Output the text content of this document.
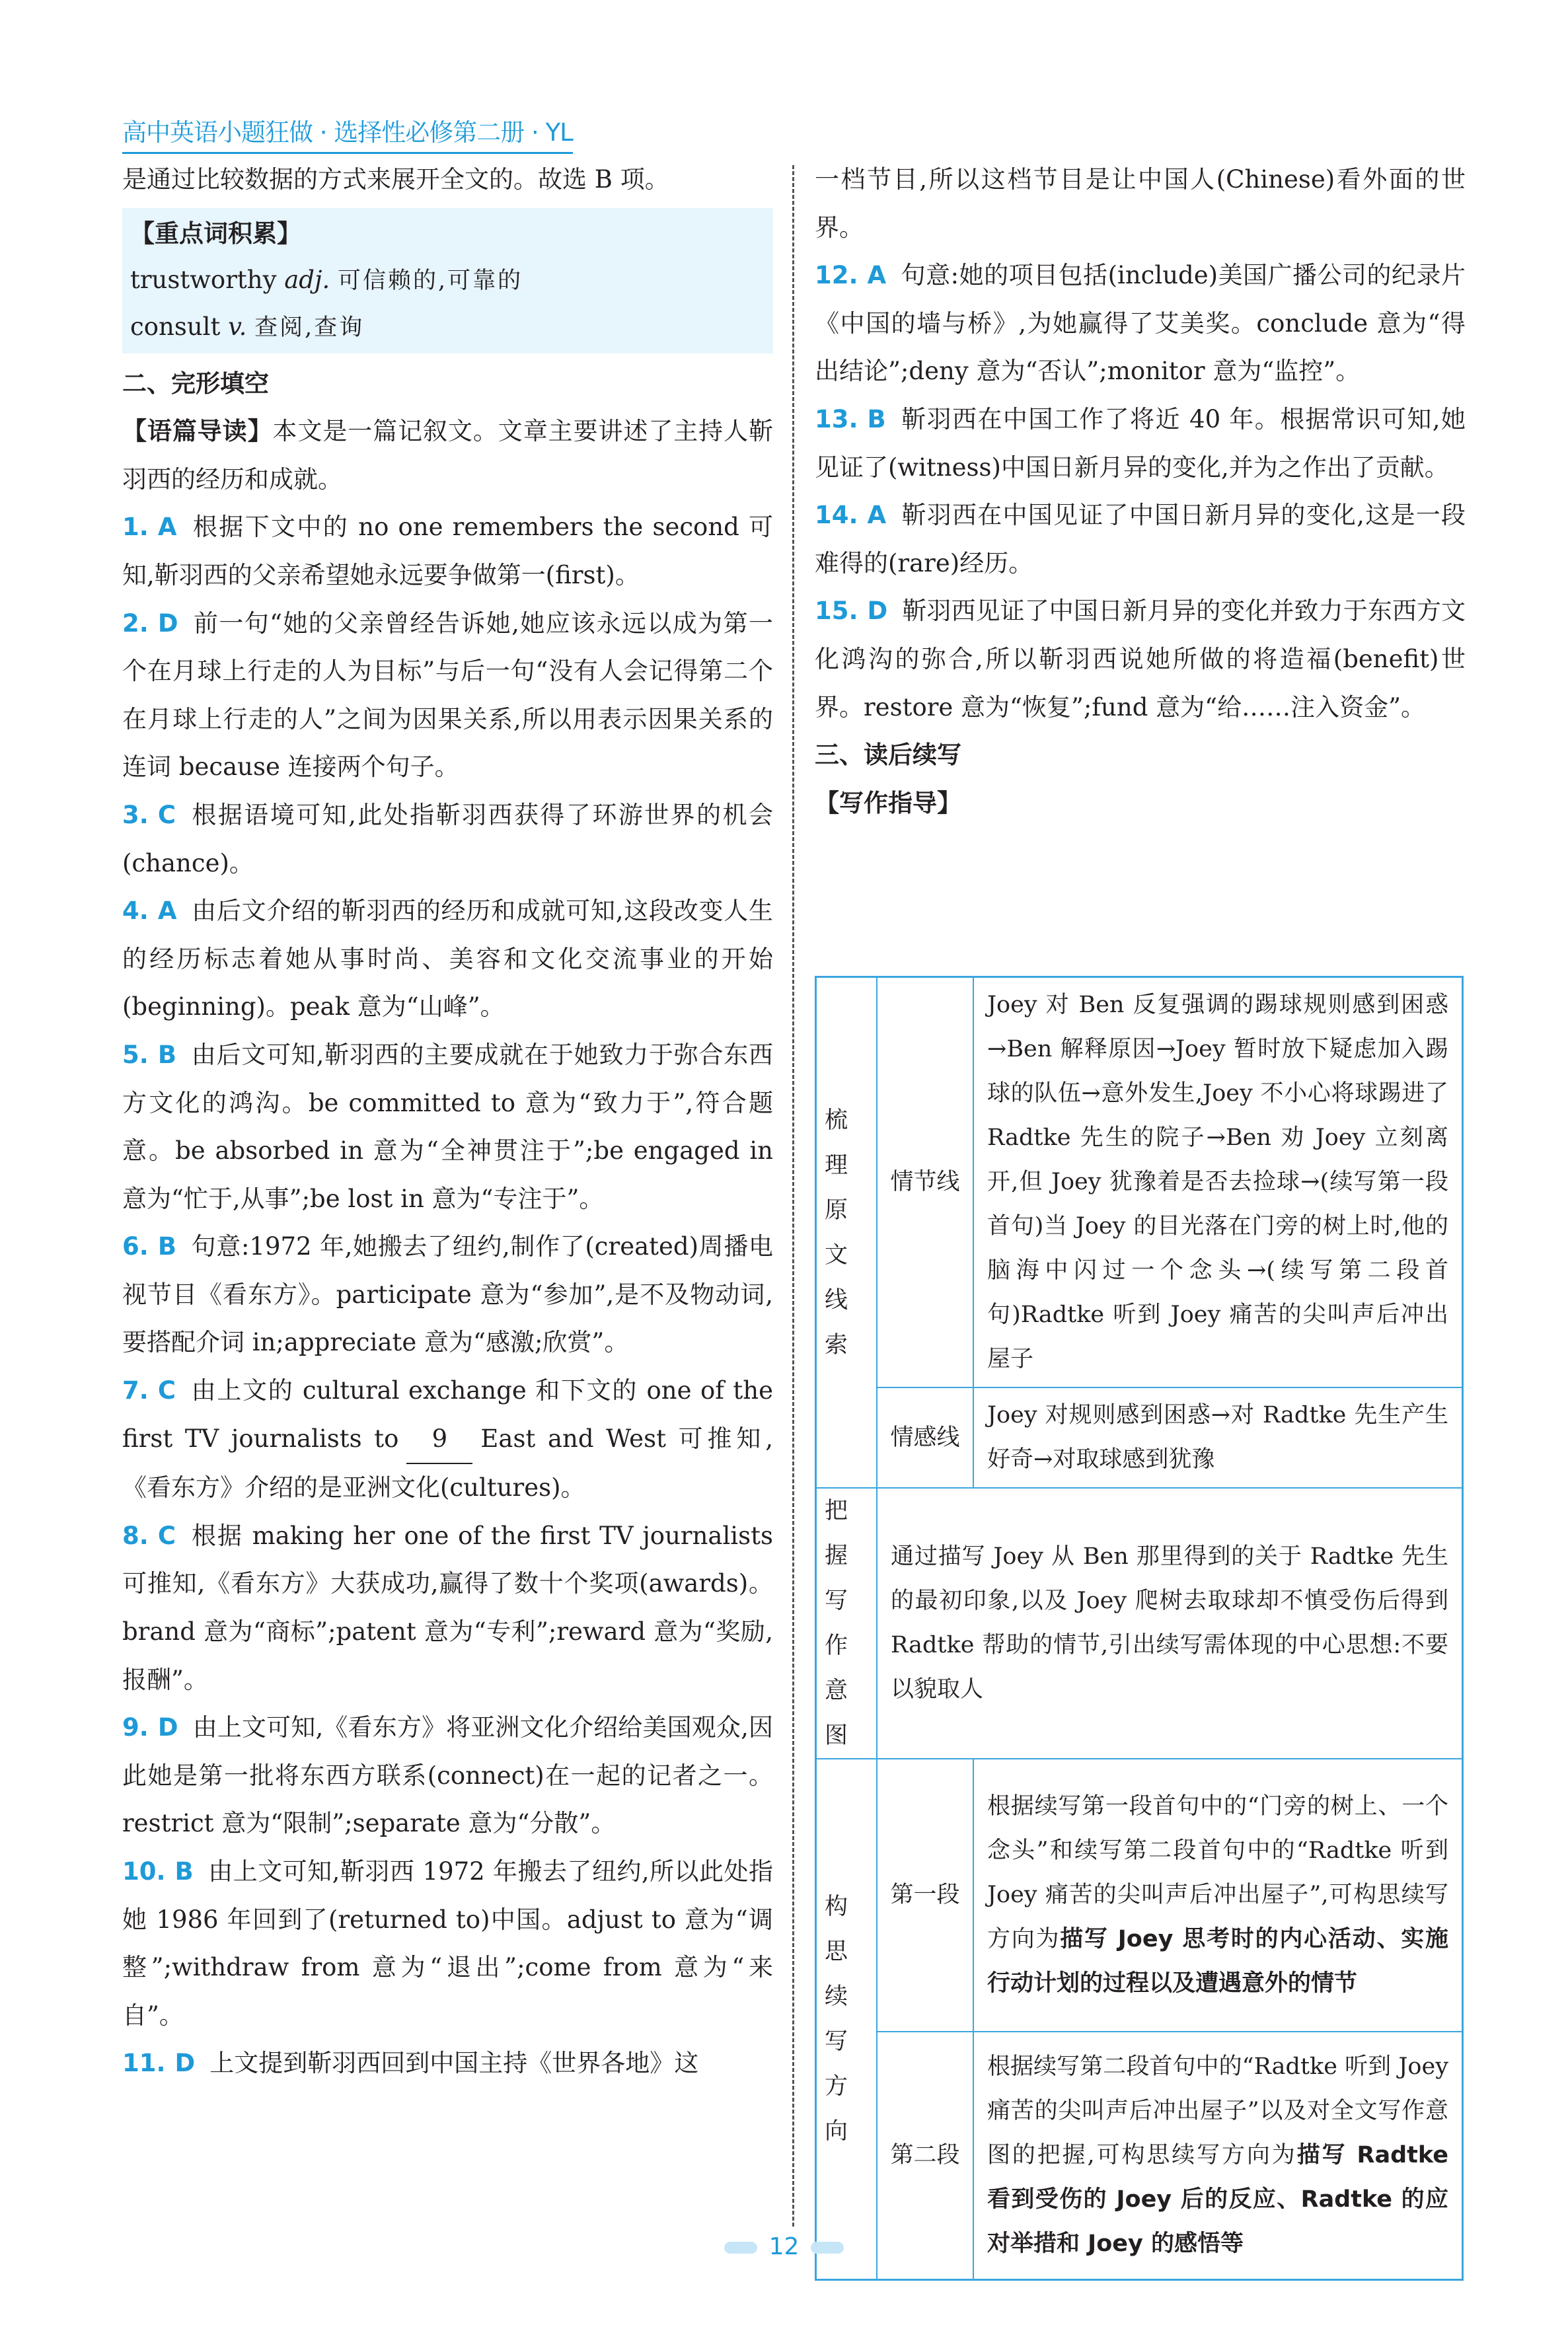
高中英语小题狂做 · 选择性必修第二册 · YL
是通过比较数据的方式来展开全文的。故选 B 项。
【重点词积累】
trustworthy adj. 可信赖的,可靠的
consult v. 查阅,查询
二、完形填空
【语篇导读】本文是一篇记叙文。文章主要讲述了主持人靳羽西的经历和成就。
1. A 根据下文中的 no one remembers the second 可知,靳羽西的父亲希望她永远要争做第一(first)。
2. D 前一句“她的父亲曾经告诉她,她应该永远以成为第一个在月球上行走的人为目标”与后一句“没有人会记得第二个在月球上行走的人”之间为因果关系,所以用表示因果关系的连词 because 连接两个句子。
3. C 根据语境可知,此处指靳羽西获得了环游世界的机会(chance)。
4. A 由后文介绍的靳羽西的经历和成就可知,这段改变人生的经历标志着她从事时尚、美容和文化交流事业的开始(beginning)。peak 意为“山峰”。
5. B 由后文可知,靳羽西的主要成就在于她致力于弥合东西方文化的鸿沟。be committed to 意为“致力于”,符合题意。be absorbed in 意为“全神贯注于”;be engaged in 意为“忙于,从事”;be lost in 意为“专注于”。
6. B 句意:1972 年,她搬去了纽约,制作了(created)周播电视节目《看东方》。participate 意为“参加”,是不及物动词,要搭配介词 in;appreciate 意为“感激;欣赏”。
7. C 由上文的 cultural exchange 和下文的 one of the first TV journalists to 9 East and West 可推知,《看东方》介绍的是亚洲文化(cultures)。
8. C 根据 making her one of the first TV journalists 可推知,《看东方》大获成功,赢得了数十个奖项(awards)。brand 意为“商标”;patent 意为“专利”;reward 意为“奖励,报酬”。
9. D 由上文可知,《看东方》将亚洲文化介绍给美国观众,因此她是第一批将东西方联系(connect)在一起的记者之一。restrict 意为“限制”;separate 意为“分散”。
10. B 由上文可知,靳羽西 1972 年搬去了纽约,所以此处指她 1986 年回到了(returned to)中国。adjust to 意为“调整”;withdraw from 意为“退出”;come from 意为“来自”。
11. D 上文提到靳羽西回到中国主持《世界各地》这
一档节目,所以这档节目是让中国人(Chinese)看外面的世界。
12. A 句意:她的项目包括(include)美国广播公司的纪录片《中国的墙与桥》,为她赢得了艾美奖。conclude 意为“得出结论”;deny 意为“否认”;monitor 意为“监控”。
13. B 靳羽西在中国工作了将近 40 年。根据常识可知,她见证了(witness)中国日新月异的变化,并为之作出了贡献。
14. A 靳羽西在中国见证了中国日新月异的变化,这是一段难得的(rare)经历。
15. D 靳羽西见证了中国日新月异的变化并致力于东西方文化鸿沟的弥合,所以靳羽西说她所做的将造福(benefit)世界。restore 意为“恢复”;fund 意为“给……注入资金”。
三、读后续写
【写作指导】
梳理原文线索	情节线	Joey 对 Ben 反复强调的踢球规则感到困惑→Ben 解释原因→Joey 暂时放下疑虑加入踢球的队伍→意外发生,Joey 不小心将球踢进了 Radtke 先生的院子→Ben 劝 Joey 立刻离开,但 Joey 犹豫着是否去捡球→(续写第一段首句)当 Joey 的目光落在门旁的树上时,他的脑海中闪过一个念头→(续写第二段首句)Radtke 听到 Joey 痛苦的尖叫声后冲出屋子
	情感线	Joey 对规则感到困惑→对 Radtke 先生产生好奇→对取球感到犹豫
把握写作意图	通过描写 Joey 从 Ben 那里得到的关于 Radtke 先生的最初印象,以及 Joey 爬树去取球却不慎受伤后得到 Radtke 帮助的情节,引出续写需体现的中心思想:不要以貌取人	
构思续写方向	第一段	根据续写第一段首句中的“门旁的树上、一个念头”和续写第二段首句中的“Radtke 听到 Joey 痛苦的尖叫声后冲出屋子”,可构思续写方向为描写 Joey 思考时的内心活动、实施行动计划的过程以及遭遇意外的情节
	第二段	根据续写第二段首句中的“Radtke 听到 Joey 痛苦的尖叫声后冲出屋子”以及对全文写作意图的把握,可构思续写方向为描写 Radtke 看到受伤的 Joey 后的反应、Radtke 的应对举措和 Joey 的感悟等
12
